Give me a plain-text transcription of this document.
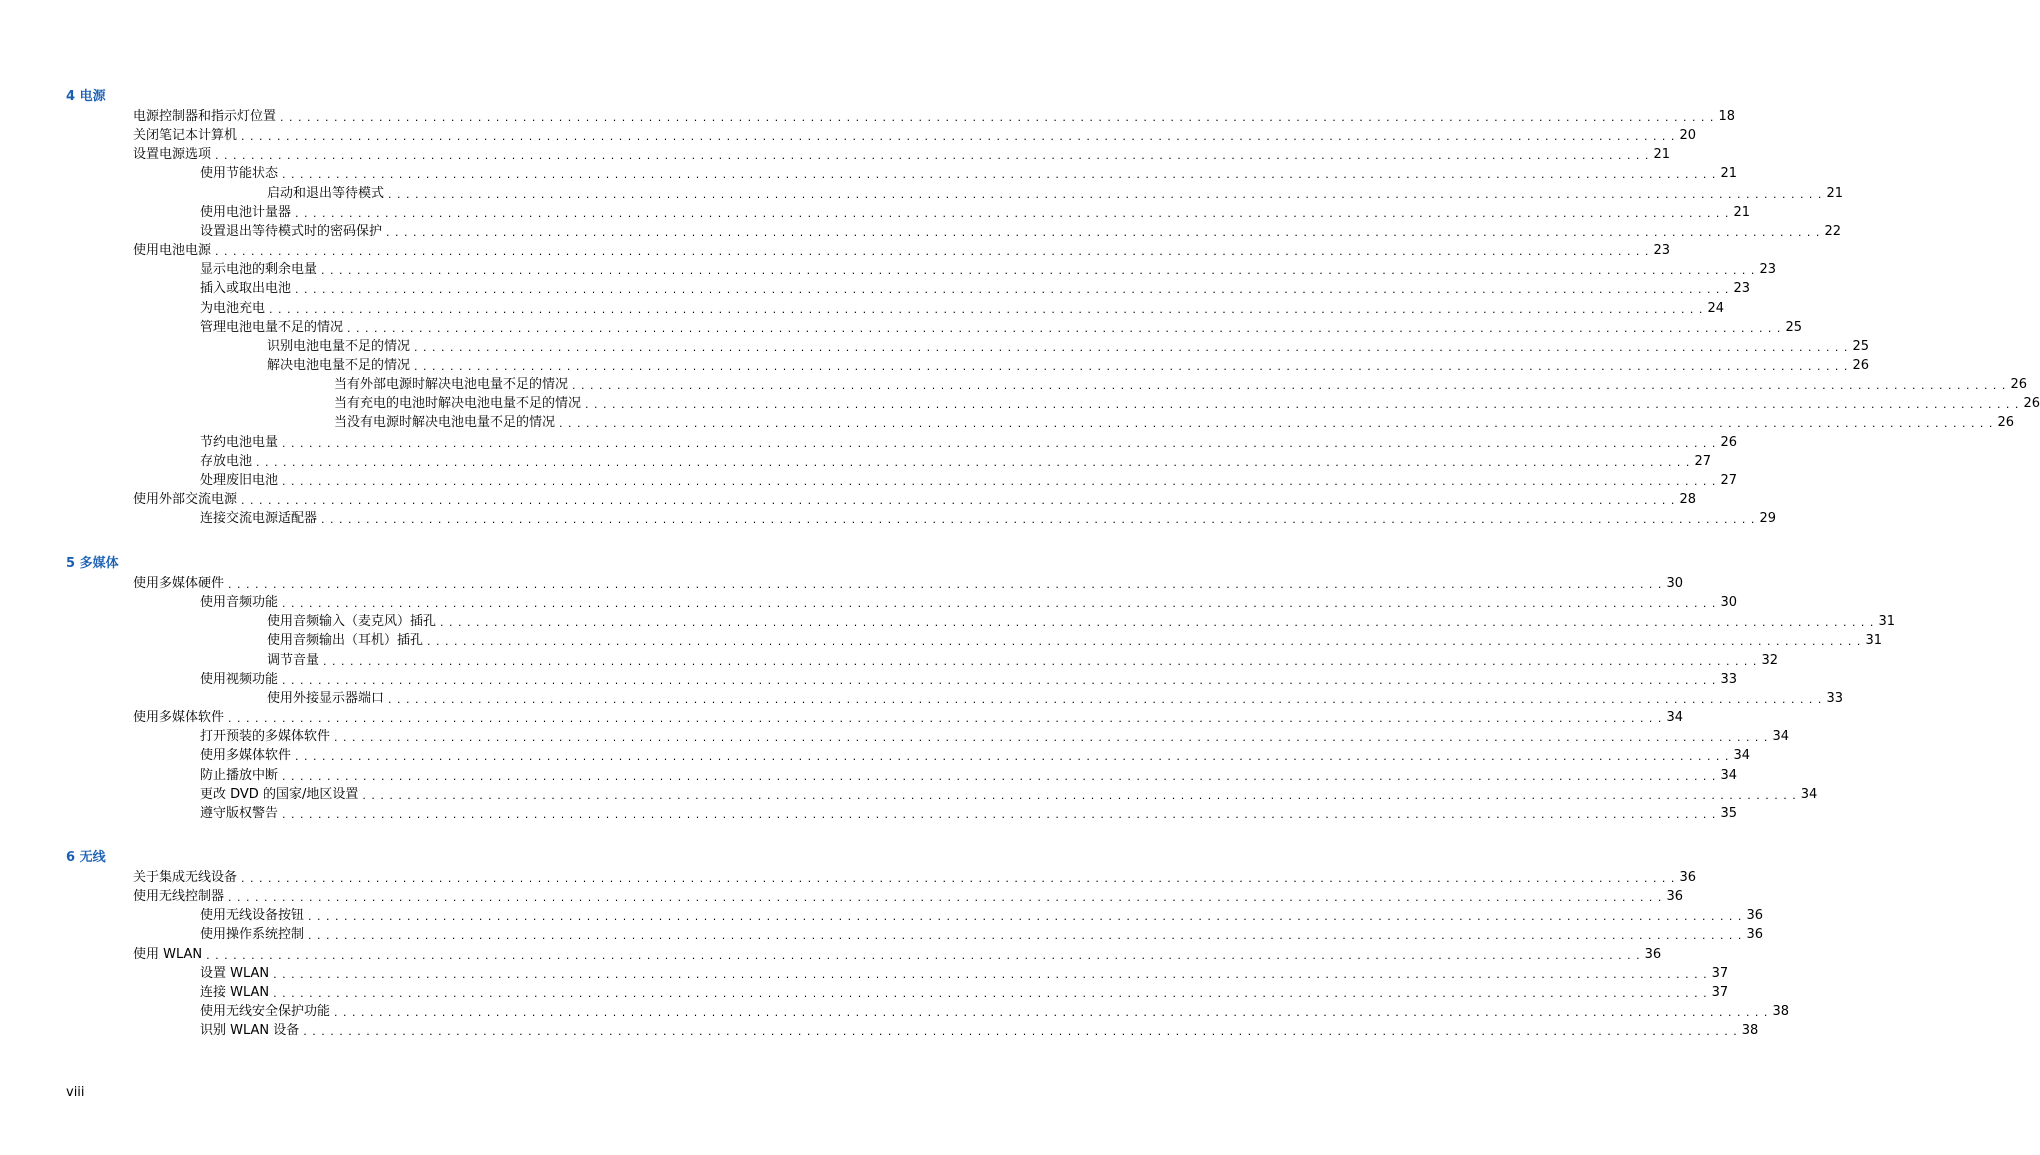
4 电源
电源控制器和指示灯位置 . . . . . . . . . . . . . . . . . . . . . . . . . . . . . . . . . . . . . . . . . . . . . . . . . . . . . . . . . . . . . . . . . . . . . . . . . . . . . . . . . . . . . . . . . . . . . . . . . . . . . . . . . . . . . . . . . . . . . . . . . . . . . . . . . . . . . . . . . . . . . . . . . . . . . . . . . . . . . . . . 18
关闭笔记本计算机 . . . . . . . . . . . . . . . . . . . . . . . . . . . . . . . . . . . . . . . . . . . . . . . . . . . . . . . . . . . . . . . . . . . . . . . . . . . . . . . . . . . . . . . . . . . . . . . . . . . . . . . . . . . . . . . . . . . . . . . . . . . . . . . . . . . . . . . . . . . . . . . . . . . . . . . . . . . . . . . . 20
设置电源选项 . . . . . . . . . . . . . . . . . . . . . . . . . . . . . . . . . . . . . . . . . . . . . . . . . . . . . . . . . . . . . . . . . . . . . . . . . . . . . . . . . . . . . . . . . . . . . . . . . . . . . . . . . . . . . . . . . . . . . . . . . . . . . . . . . . . . . . . . . . . . . . . . . . . . . . . . . . . . . . . . 21
使用节能状态 . . . . . . . . . . . . . . . . . . . . . . . . . . . . . . . . . . . . . . . . . . . . . . . . . . . . . . . . . . . . . . . . . . . . . . . . . . . . . . . . . . . . . . . . . . . . . . . . . . . . . . . . . . . . . . . . . . . . . . . . . . . . . . . . . . . . . . . . . . . . . . . . . . . . . . . . . . . . . . . . 21
启动和退出等待模式 . . . . . . . . . . . . . . . . . . . . . . . . . . . . . . . . . . . . . . . . . . . . . . . . . . . . . . . . . . . . . . . . . . . . . . . . . . . . . . . . . . . . . . . . . . . . . . . . . . . . . . . . . . . . . . . . . . . . . . . . . . . . . . . . . . . . . . . . . . . . . . . . . . . . . . . . . . . . . . . . 21
使用电池计量器 . . . . . . . . . . . . . . . . . . . . . . . . . . . . . . . . . . . . . . . . . . . . . . . . . . . . . . . . . . . . . . . . . . . . . . . . . . . . . . . . . . . . . . . . . . . . . . . . . . . . . . . . . . . . . . . . . . . . . . . . . . . . . . . . . . . . . . . . . . . . . . . . . . . . . . . . . . . . . . . . 21
设置退出等待模式时的密码保护 . . . . . . . . . . . . . . . . . . . . . . . . . . . . . . . . . . . . . . . . . . . . . . . . . . . . . . . . . . . . . . . . . . . . . . . . . . . . . . . . . . . . . . . . . . . . . . . . . . . . . . . . . . . . . . . . . . . . . . . . . . . . . . . . . . . . . . . . . . . . . . . . . . . . . . . . . . . . . . . . 22
使用电池电源 . . . . . . . . . . . . . . . . . . . . . . . . . . . . . . . . . . . . . . . . . . . . . . . . . . . . . . . . . . . . . . . . . . . . . . . . . . . . . . . . . . . . . . . . . . . . . . . . . . . . . . . . . . . . . . . . . . . . . . . . . . . . . . . . . . . . . . . . . . . . . . . . . . . . . . . . . . . . . . . . 23
显示电池的剩余电量 . . . . . . . . . . . . . . . . . . . . . . . . . . . . . . . . . . . . . . . . . . . . . . . . . . . . . . . . . . . . . . . . . . . . . . . . . . . . . . . . . . . . . . . . . . . . . . . . . . . . . . . . . . . . . . . . . . . . . . . . . . . . . . . . . . . . . . . . . . . . . . . . . . . . . . . . . . . . . . . . 23
插入或取出电池 . . . . . . . . . . . . . . . . . . . . . . . . . . . . . . . . . . . . . . . . . . . . . . . . . . . . . . . . . . . . . . . . . . . . . . . . . . . . . . . . . . . . . . . . . . . . . . . . . . . . . . . . . . . . . . . . . . . . . . . . . . . . . . . . . . . . . . . . . . . . . . . . . . . . . . . . . . . . . . . . 23
为电池充电 . . . . . . . . . . . . . . . . . . . . . . . . . . . . . . . . . . . . . . . . . . . . . . . . . . . . . . . . . . . . . . . . . . . . . . . . . . . . . . . . . . . . . . . . . . . . . . . . . . . . . . . . . . . . . . . . . . . . . . . . . . . . . . . . . . . . . . . . . . . . . . . . . . . . . . . . . . . . . . . . 24
管理电池电量不足的情况 . . . . . . . . . . . . . . . . . . . . . . . . . . . . . . . . . . . . . . . . . . . . . . . . . . . . . . . . . . . . . . . . . . . . . . . . . . . . . . . . . . . . . . . . . . . . . . . . . . . . . . . . . . . . . . . . . . . . . . . . . . . . . . . . . . . . . . . . . . . . . . . . . . . . . . . . . . . . . . . . 25
识别电池电量不足的情况 . . . . . . . . . . . . . . . . . . . . . . . . . . . . . . . . . . . . . . . . . . . . . . . . . . . . . . . . . . . . . . . . . . . . . . . . . . . . . . . . . . . . . . . . . . . . . . . . . . . . . . . . . . . . . . . . . . . . . . . . . . . . . . . . . . . . . . . . . . . . . . . . . . . . . . . . . . . . . . . . 25
解决电池电量不足的情况 . . . . . . . . . . . . . . . . . . . . . . . . . . . . . . . . . . . . . . . . . . . . . . . . . . . . . . . . . . . . . . . . . . . . . . . . . . . . . . . . . . . . . . . . . . . . . . . . . . . . . . . . . . . . . . . . . . . . . . . . . . . . . . . . . . . . . . . . . . . . . . . . . . . . . . . . . . . . . . . . 26
当有外部电源时解决电池电量不足的情况 . . . . . . . . . . . . . . . . . . . . . . . . . . . . . . . . . . . . . . . . . . . . . . . . . . . . . . . . . . . . . . . . . . . . . . . . . . . . . . . . . . . . . . . . . . . . . . . . . . . . . . . . . . . . . . . . . . . . . . . . . . . . . . . . . . . . . . . . . . . . . . . . . . . . . . . . . . . . . . . . 26
当有充电的电池时解决电池电量不足的情况 . . . . . . . . . . . . . . . . . . . . . . . . . . . . . . . . . . . . . . . . . . . . . . . . . . . . . . . . . . . . . . . . . . . . . . . . . . . . . . . . . . . . . . . . . . . . . . . . . . . . . . . . . . . . . . . . . . . . . . . . . . . . . . . . . . . . . . . . . . . . . . . . . . . . . . . . . . . . . . . . 26
当没有电源时解决电池电量不足的情况 . . . . . . . . . . . . . . . . . . . . . . . . . . . . . . . . . . . . . . . . . . . . . . . . . . . . . . . . . . . . . . . . . . . . . . . . . . . . . . . . . . . . . . . . . . . . . . . . . . . . . . . . . . . . . . . . . . . . . . . . . . . . . . . . . . . . . . . . . . . . . . . . . . . . . . . . . . . . . . . . 26
节约电池电量 . . . . . . . . . . . . . . . . . . . . . . . . . . . . . . . . . . . . . . . . . . . . . . . . . . . . . . . . . . . . . . . . . . . . . . . . . . . . . . . . . . . . . . . . . . . . . . . . . . . . . . . . . . . . . . . . . . . . . . . . . . . . . . . . . . . . . . . . . . . . . . . . . . . . . . . . . . . . . . . . 26
存放电池 . . . . . . . . . . . . . . . . . . . . . . . . . . . . . . . . . . . . . . . . . . . . . . . . . . . . . . . . . . . . . . . . . . . . . . . . . . . . . . . . . . . . . . . . . . . . . . . . . . . . . . . . . . . . . . . . . . . . . . . . . . . . . . . . . . . . . . . . . . . . . . . . . . . . . . . . . . . . . . . . 27
处理废旧电池 . . . . . . . . . . . . . . . . . . . . . . . . . . . . . . . . . . . . . . . . . . . . . . . . . . . . . . . . . . . . . . . . . . . . . . . . . . . . . . . . . . . . . . . . . . . . . . . . . . . . . . . . . . . . . . . . . . . . . . . . . . . . . . . . . . . . . . . . . . . . . . . . . . . . . . . . . . . . . . . . 27
使用外部交流电源 . . . . . . . . . . . . . . . . . . . . . . . . . . . . . . . . . . . . . . . . . . . . . . . . . . . . . . . . . . . . . . . . . . . . . . . . . . . . . . . . . . . . . . . . . . . . . . . . . . . . . . . . . . . . . . . . . . . . . . . . . . . . . . . . . . . . . . . . . . . . . . . . . . . . . . . . . . . . . . . . 28
连接交流电源适配器 . . . . . . . . . . . . . . . . . . . . . . . . . . . . . . . . . . . . . . . . . . . . . . . . . . . . . . . . . . . . . . . . . . . . . . . . . . . . . . . . . . . . . . . . . . . . . . . . . . . . . . . . . . . . . . . . . . . . . . . . . . . . . . . . . . . . . . . . . . . . . . . . . . . . . . . . . . . . . . . . 29
5 多媒体
使用多媒体硬件 . . . . . . . . . . . . . . . . . . . . . . . . . . . . . . . . . . . . . . . . . . . . . . . . . . . . . . . . . . . . . . . . . . . . . . . . . . . . . . . . . . . . . . . . . . . . . . . . . . . . . . . . . . . . . . . . . . . . . . . . . . . . . . . . . . . . . . . . . . . . . . . . . . . . . . . . . . . . . . . . 30
使用音频功能 . . . . . . . . . . . . . . . . . . . . . . . . . . . . . . . . . . . . . . . . . . . . . . . . . . . . . . . . . . . . . . . . . . . . . . . . . . . . . . . . . . . . . . . . . . . . . . . . . . . . . . . . . . . . . . . . . . . . . . . . . . . . . . . . . . . . . . . . . . . . . . . . . . . . . . . . . . . . . . . . 30
使用音频输入（麦克风）插孔 . . . . . . . . . . . . . . . . . . . . . . . . . . . . . . . . . . . . . . . . . . . . . . . . . . . . . . . . . . . . . . . . . . . . . . . . . . . . . . . . . . . . . . . . . . . . . . . . . . . . . . . . . . . . . . . . . . . . . . . . . . . . . . . . . . . . . . . . . . . . . . . . . . . . . . . . . . . . . . . . 31
使用音频输出（耳机）插孔 . . . . . . . . . . . . . . . . . . . . . . . . . . . . . . . . . . . . . . . . . . . . . . . . . . . . . . . . . . . . . . . . . . . . . . . . . . . . . . . . . . . . . . . . . . . . . . . . . . . . . . . . . . . . . . . . . . . . . . . . . . . . . . . . . . . . . . . . . . . . . . . . . . . . . . . . . . . . . . . . 31
调节音量 . . . . . . . . . . . . . . . . . . . . . . . . . . . . . . . . . . . . . . . . . . . . . . . . . . . . . . . . . . . . . . . . . . . . . . . . . . . . . . . . . . . . . . . . . . . . . . . . . . . . . . . . . . . . . . . . . . . . . . . . . . . . . . . . . . . . . . . . . . . . . . . . . . . . . . . . . . . . . . . . 32
使用视频功能 . . . . . . . . . . . . . . . . . . . . . . . . . . . . . . . . . . . . . . . . . . . . . . . . . . . . . . . . . . . . . . . . . . . . . . . . . . . . . . . . . . . . . . . . . . . . . . . . . . . . . . . . . . . . . . . . . . . . . . . . . . . . . . . . . . . . . . . . . . . . . . . . . . . . . . . . . . . . . . . . 33
使用外接显示器端口 . . . . . . . . . . . . . . . . . . . . . . . . . . . . . . . . . . . . . . . . . . . . . . . . . . . . . . . . . . . . . . . . . . . . . . . . . . . . . . . . . . . . . . . . . . . . . . . . . . . . . . . . . . . . . . . . . . . . . . . . . . . . . . . . . . . . . . . . . . . . . . . . . . . . . . . . . . . . . . . . 33
使用多媒体软件 . . . . . . . . . . . . . . . . . . . . . . . . . . . . . . . . . . . . . . . . . . . . . . . . . . . . . . . . . . . . . . . . . . . . . . . . . . . . . . . . . . . . . . . . . . . . . . . . . . . . . . . . . . . . . . . . . . . . . . . . . . . . . . . . . . . . . . . . . . . . . . . . . . . . . . . . . . . . . . . . 34
打开预装的多媒体软件 . . . . . . . . . . . . . . . . . . . . . . . . . . . . . . . . . . . . . . . . . . . . . . . . . . . . . . . . . . . . . . . . . . . . . . . . . . . . . . . . . . . . . . . . . . . . . . . . . . . . . . . . . . . . . . . . . . . . . . . . . . . . . . . . . . . . . . . . . . . . . . . . . . . . . . . . . . . . . . . . 34
使用多媒体软件 . . . . . . . . . . . . . . . . . . . . . . . . . . . . . . . . . . . . . . . . . . . . . . . . . . . . . . . . . . . . . . . . . . . . . . . . . . . . . . . . . . . . . . . . . . . . . . . . . . . . . . . . . . . . . . . . . . . . . . . . . . . . . . . . . . . . . . . . . . . . . . . . . . . . . . . . . . . . . . . . 34
防止播放中断 . . . . . . . . . . . . . . . . . . . . . . . . . . . . . . . . . . . . . . . . . . . . . . . . . . . . . . . . . . . . . . . . . . . . . . . . . . . . . . . . . . . . . . . . . . . . . . . . . . . . . . . . . . . . . . . . . . . . . . . . . . . . . . . . . . . . . . . . . . . . . . . . . . . . . . . . . . . . . . . . 34
更改 DVD 的国家/地区设置 . . . . . . . . . . . . . . . . . . . . . . . . . . . . . . . . . . . . . . . . . . . . . . . . . . . . . . . . . . . . . . . . . . . . . . . . . . . . . . . . . . . . . . . . . . . . . . . . . . . . . . . . . . . . . . . . . . . . . . . . . . . . . . . . . . . . . . . . . . . . . . . . . . . . . . . . . . . . . . . . 34
遵守版权警告 . . . . . . . . . . . . . . . . . . . . . . . . . . . . . . . . . . . . . . . . . . . . . . . . . . . . . . . . . . . . . . . . . . . . . . . . . . . . . . . . . . . . . . . . . . . . . . . . . . . . . . . . . . . . . . . . . . . . . . . . . . . . . . . . . . . . . . . . . . . . . . . . . . . . . . . . . . . . . . . . 35
6 无线
关于集成无线设备 . . . . . . . . . . . . . . . . . . . . . . . . . . . . . . . . . . . . . . . . . . . . . . . . . . . . . . . . . . . . . . . . . . . . . . . . . . . . . . . . . . . . . . . . . . . . . . . . . . . . . . . . . . . . . . . . . . . . . . . . . . . . . . . . . . . . . . . . . . . . . . . . . . . . . . . . . . . . . . . . 36
使用无线控制器 . . . . . . . . . . . . . . . . . . . . . . . . . . . . . . . . . . . . . . . . . . . . . . . . . . . . . . . . . . . . . . . . . . . . . . . . . . . . . . . . . . . . . . . . . . . . . . . . . . . . . . . . . . . . . . . . . . . . . . . . . . . . . . . . . . . . . . . . . . . . . . . . . . . . . . . . . . . . . . . . 36
使用无线设备按钮 . . . . . . . . . . . . . . . . . . . . . . . . . . . . . . . . . . . . . . . . . . . . . . . . . . . . . . . . . . . . . . . . . . . . . . . . . . . . . . . . . . . . . . . . . . . . . . . . . . . . . . . . . . . . . . . . . . . . . . . . . . . . . . . . . . . . . . . . . . . . . . . . . . . . . . . . . . . . . . . . 36
使用操作系统控制 . . . . . . . . . . . . . . . . . . . . . . . . . . . . . . . . . . . . . . . . . . . . . . . . . . . . . . . . . . . . . . . . . . . . . . . . . . . . . . . . . . . . . . . . . . . . . . . . . . . . . . . . . . . . . . . . . . . . . . . . . . . . . . . . . . . . . . . . . . . . . . . . . . . . . . . . . . . . . . . . 36
使用 WLAN . . . . . . . . . . . . . . . . . . . . . . . . . . . . . . . . . . . . . . . . . . . . . . . . . . . . . . . . . . . . . . . . . . . . . . . . . . . . . . . . . . . . . . . . . . . . . . . . . . . . . . . . . . . . . . . . . . . . . . . . . . . . . . . . . . . . . . . . . . . . . . . . . . . . . . . . . . . . . . . . 36
设置 WLAN . . . . . . . . . . . . . . . . . . . . . . . . . . . . . . . . . . . . . . . . . . . . . . . . . . . . . . . . . . . . . . . . . . . . . . . . . . . . . . . . . . . . . . . . . . . . . . . . . . . . . . . . . . . . . . . . . . . . . . . . . . . . . . . . . . . . . . . . . . . . . . . . . . . . . . . . . . . . . . . . 37
连接 WLAN . . . . . . . . . . . . . . . . . . . . . . . . . . . . . . . . . . . . . . . . . . . . . . . . . . . . . . . . . . . . . . . . . . . . . . . . . . . . . . . . . . . . . . . . . . . . . . . . . . . . . . . . . . . . . . . . . . . . . . . . . . . . . . . . . . . . . . . . . . . . . . . . . . . . . . . . . . . . . . . . 37
使用无线安全保护功能 . . . . . . . . . . . . . . . . . . . . . . . . . . . . . . . . . . . . . . . . . . . . . . . . . . . . . . . . . . . . . . . . . . . . . . . . . . . . . . . . . . . . . . . . . . . . . . . . . . . . . . . . . . . . . . . . . . . . . . . . . . . . . . . . . . . . . . . . . . . . . . . . . . . . . . . . . . . . . . . . 38
识别 WLAN 设备 . . . . . . . . . . . . . . . . . . . . . . . . . . . . . . . . . . . . . . . . . . . . . . . . . . . . . . . . . . . . . . . . . . . . . . . . . . . . . . . . . . . . . . . . . . . . . . . . . . . . . . . . . . . . . . . . . . . . . . . . . . . . . . . . . . . . . . . . . . . . . . . . . . . . . . . . . . . . . . . . 38
viii
